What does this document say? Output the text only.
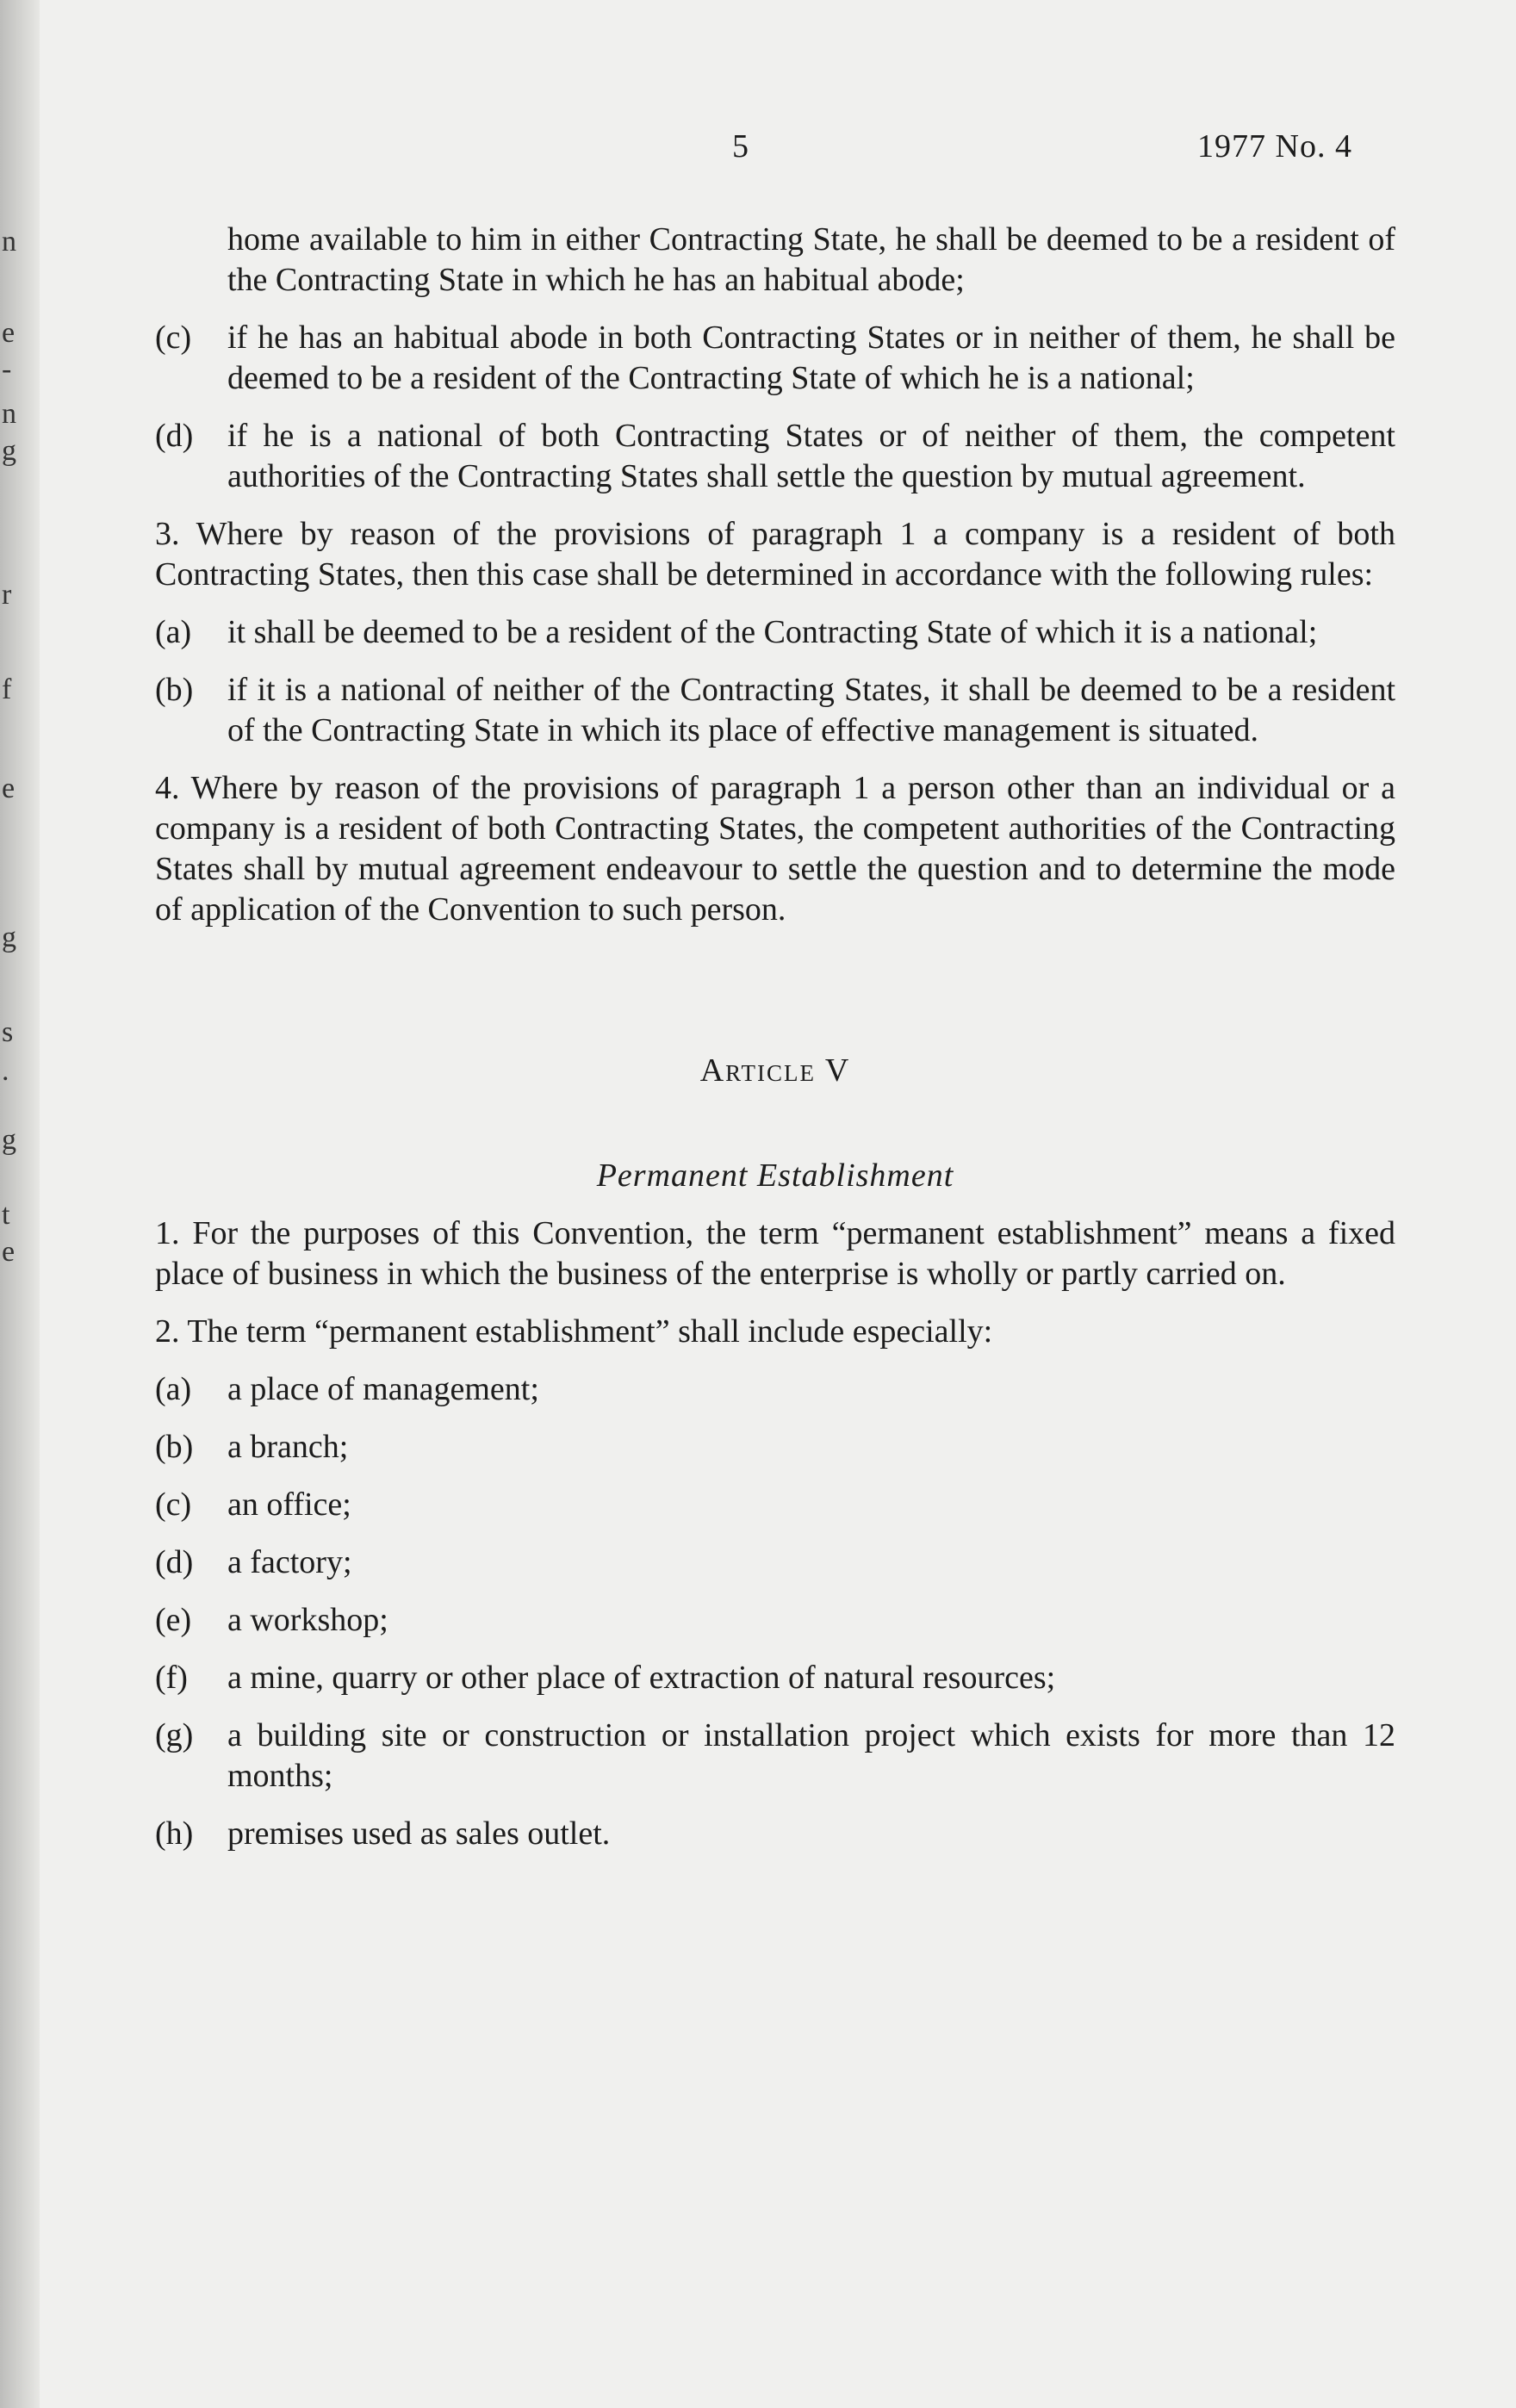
n
e
-
n
g
r
f
e
g
s
.
g
t
e
5	1977 No. 4

home available to him in either Contracting State, he shall be deemed to be a resident of the Contracting State in which he has an habitual abode;

(c) if he has an habitual abode in both Contracting States or in neither of them, he shall be deemed to be a resident of the Contracting State of which he is a national;

(d) if he is a national of both Contracting States or of neither of them, the competent authorities of the Contracting States shall settle the question by mutual agreement.

3. Where by reason of the provisions of paragraph 1 a company is a resident of both Contracting States, then this case shall be determined in accordance with the following rules:

(a) it shall be deemed to be a resident of the Contracting State of which it is a national;

(b) if it is a national of neither of the Contracting States, it shall be deemed to be a resident of the Contracting State in which its place of effective management is situated.

4. Where by reason of the provisions of paragraph 1 a person other than an individual or a company is a resident of both Contracting States, the competent authorities of the Contracting States shall by mutual agreement endeavour to settle the question and to determine the mode of application of the Convention to such person.

Article V

Permanent Establishment

1. For the purposes of this Convention, the term “permanent establishment” means a fixed place of business in which the business of the enterprise is wholly or partly carried on.

2. The term “permanent establishment” shall include especially:

(a) a place of management;

(b) a branch;

(c) an office;

(d) a factory;

(e) a workshop;

(f) a mine, quarry or other place of extraction of natural resources;

(g) a building site or construction or installation project which exists for more than 12 months;

(h) premises used as sales outlet.
